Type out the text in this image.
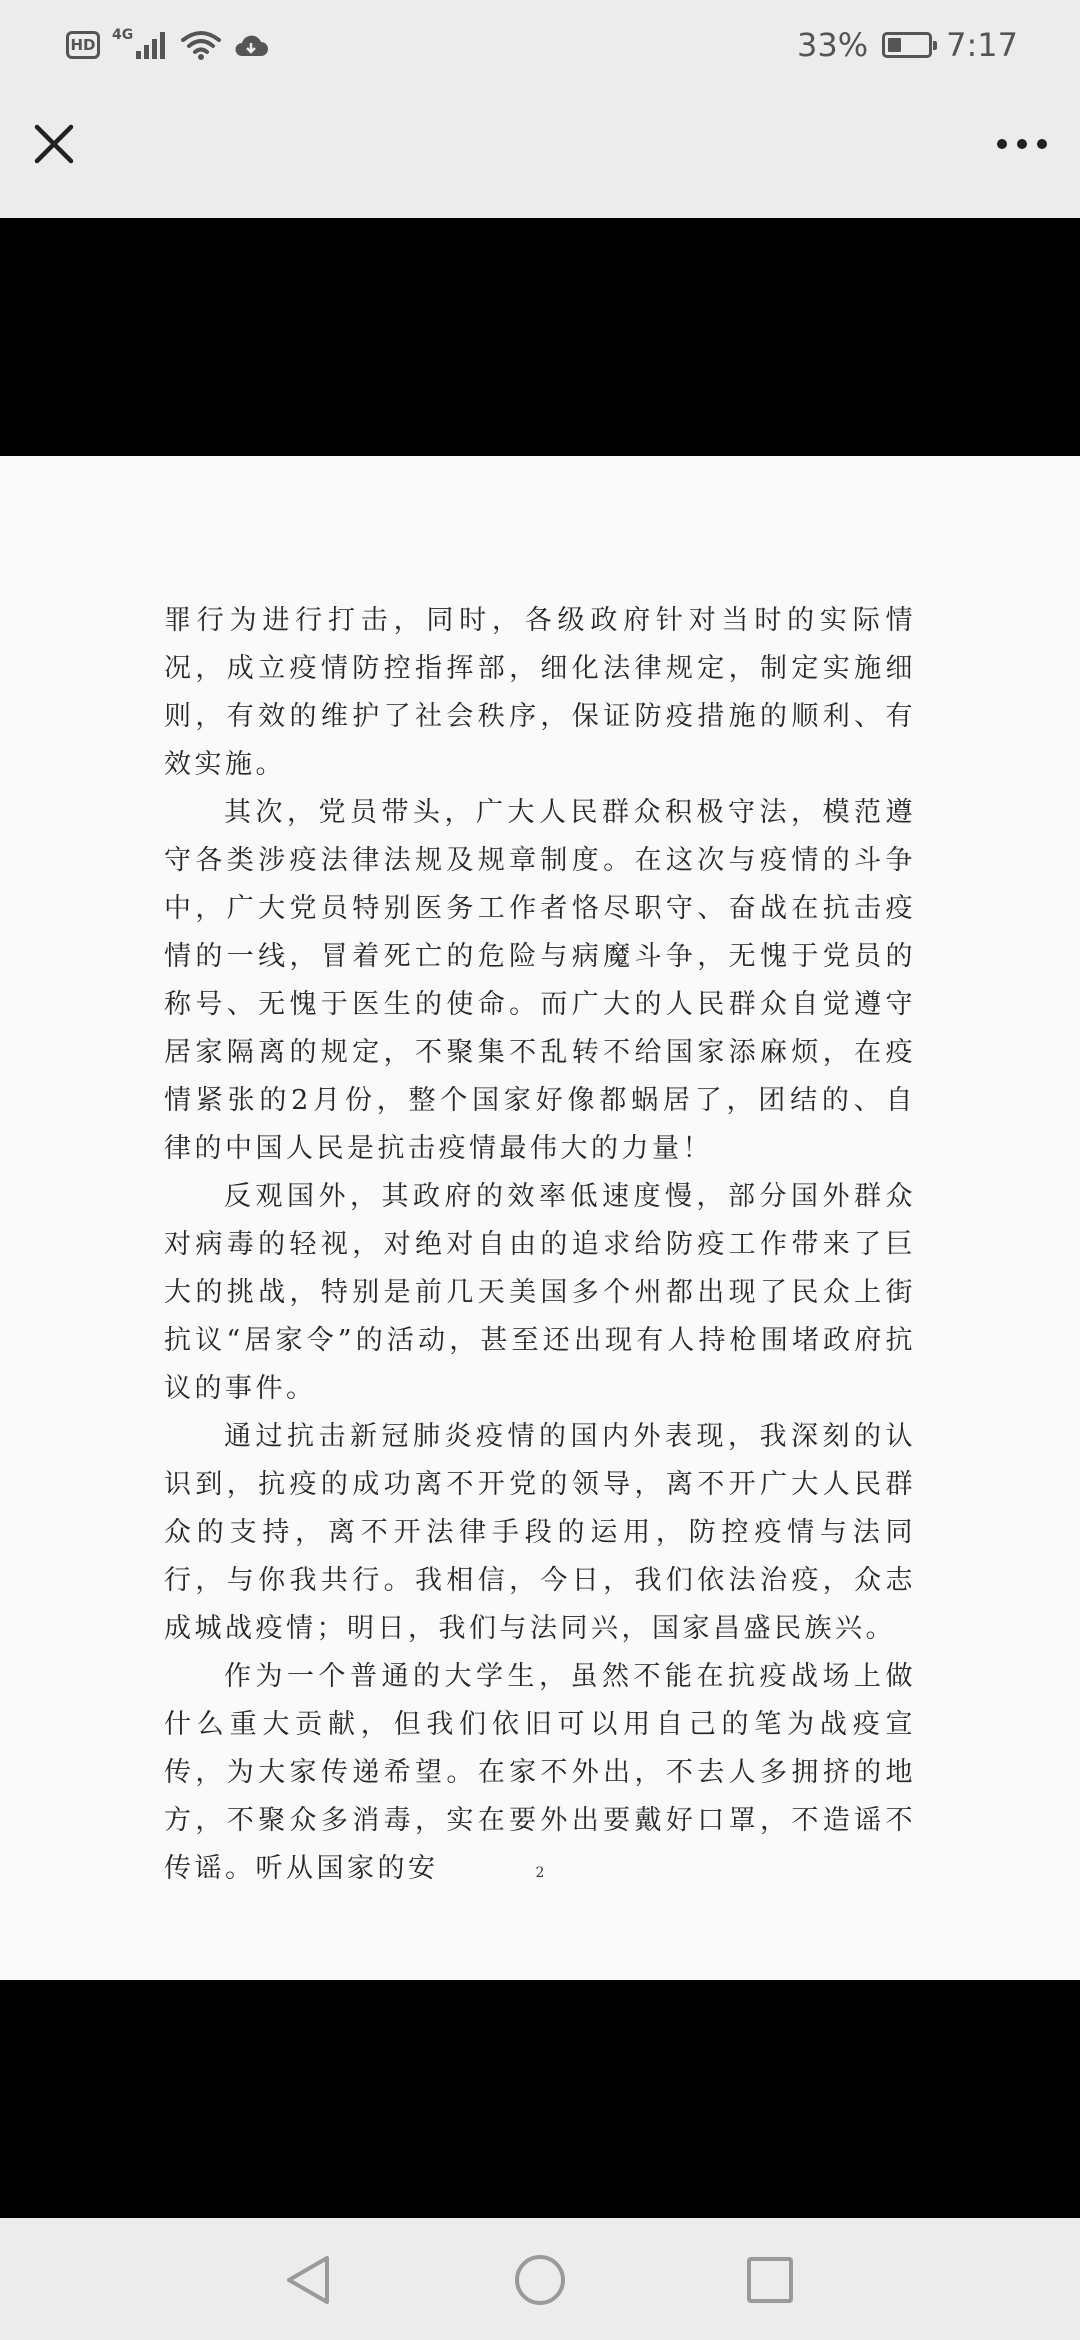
HD
4G	33% 7:17

罪行为进行打击，同时，各级政府针对当时的实际情况，成立疫情防控指挥部，细化法律规定，制定实施细则，有效的维护了社会秩序，保证防疫措施的顺利、有效实施。

其次，党员带头，广大人民群众积极守法，模范遵守各类涉疫法律法规及规章制度。在这次与疫情的斗争中，广大党员特别医务工作者恪尽职守、奋战在抗击疫情的一线，冒着死亡的危险与病魔斗争，无愧于党员的称号、无愧于医生的使命。而广大的人民群众自觉遵守居家隔离的规定，不聚集不乱转不给国家添麻烦，在疫情紧张的2月份，整个国家好像都蜗居了，团结的、自律的中国人民是抗击疫情最伟大的力量！

反观国外，其政府的效率低速度慢，部分国外群众对病毒的轻视，对绝对自由的追求给防疫工作带来了巨大的挑战，特别是前几天美国多个州都出现了民众上街抗议“居家令”的活动，甚至还出现有人持枪围堵政府抗议的事件。

通过抗击新冠肺炎疫情的国内外表现，我深刻的认识到，抗疫的成功离不开党的领导，离不开广大人民群众的支持，离不开法律手段的运用，防控疫情与法同行，与你我共行。我相信，今日，我们依法治疫，众志成城战疫情；明日，我们与法同兴，国家昌盛民族兴。

作为一个普通的大学生，虽然不能在抗疫战场上做什么重大贡献，但我们依旧可以用自己的笔为战疫宣传，为大家传递希望。在家不外出，不去人多拥挤的地方，不聚众多消毒，实在要外出要戴好口罩，不造谣不传谣。听从国家的安	2
